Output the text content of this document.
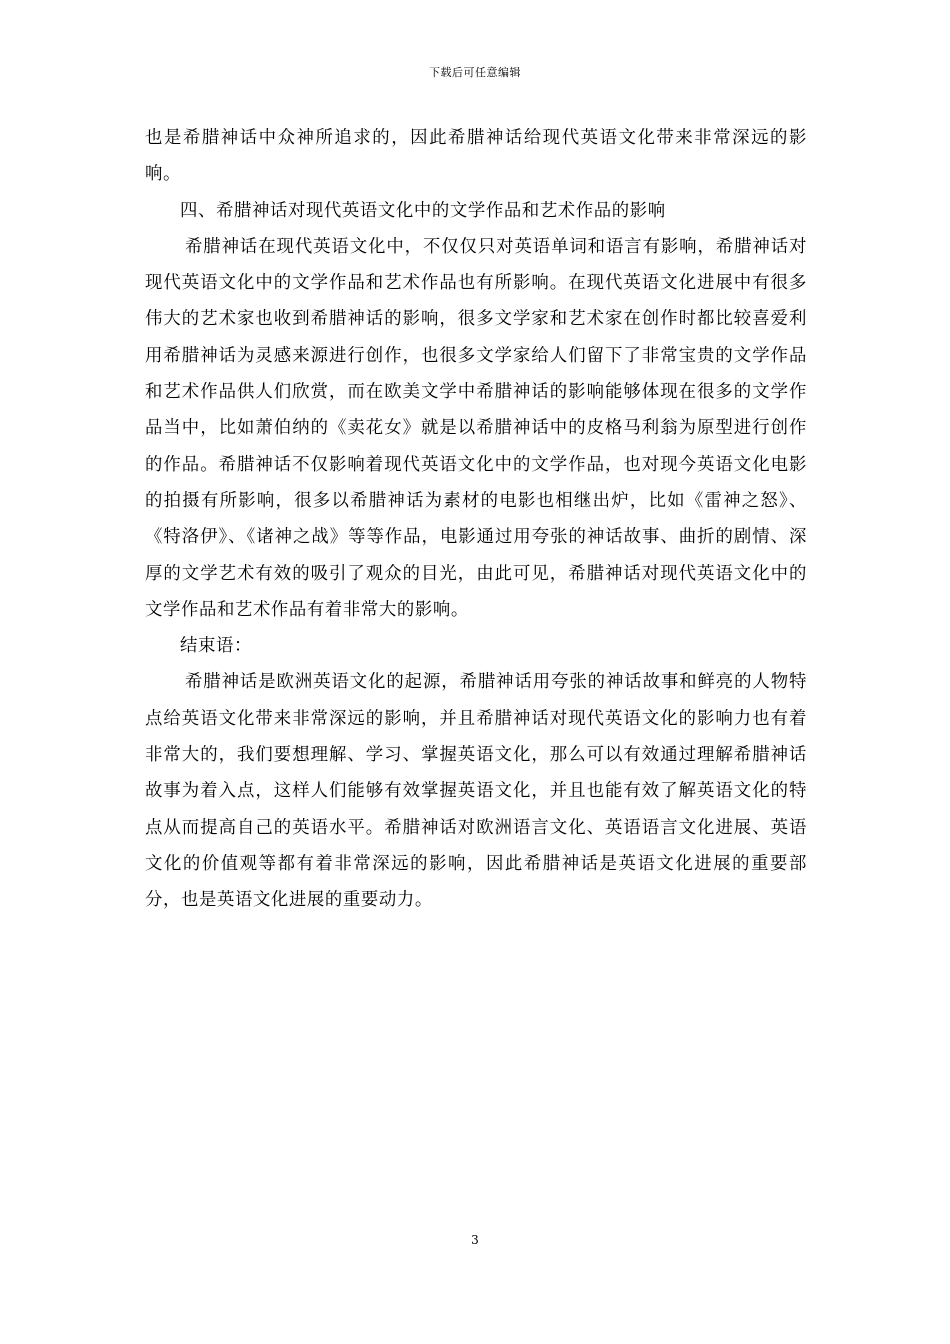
下载后可任意编辑

也是希腊神话中众神所追求的，因此希腊神话给现代英语文化带来非常深远的影响。

四、希腊神话对现代英语文化中的文学作品和艺术作品的影响

希腊神话在现代英语文化中，不仅仅只对英语单词和语言有影响，希腊神话对现代英语文化中的文学作品和艺术作品也有所影响。在现代英语文化进展中有很多伟大的艺术家也收到希腊神话的影响，很多文学家和艺术家在创作时都比较喜爱利用希腊神话为灵感来源进行创作，也很多文学家给人们留下了非常宝贵的文学作品和艺术作品供人们欣赏，而在欧美文学中希腊神话的影响能够体现在很多的文学作品当中，比如萧伯纳的《卖花女》就是以希腊神话中的皮格马利翁为原型进行创作的作品。希腊神话不仅影响着现代英语文化中的文学作品，也对现今英语文化电影的拍摄有所影响，很多以希腊神话为素材的电影也相继出炉，比如《雷神之怒》、《特洛伊》、《诸神之战》等等作品，电影通过用夸张的神话故事、曲折的剧情、深厚的文学艺术有效的吸引了观众的目光，由此可见，希腊神话对现代英语文化中的文学作品和艺术作品有着非常大的影响。

结束语：

希腊神话是欧洲英语文化的起源，希腊神话用夸张的神话故事和鲜亮的人物特点给英语文化带来非常深远的影响，并且希腊神话对现代英语文化的影响力也有着非常大的，我们要想理解、学习、掌握英语文化，那么可以有效通过理解希腊神话故事为着入点，这样人们能够有效掌握英语文化，并且也能有效了解英语文化的特点从而提高自己的英语水平。希腊神话对欧洲语言文化、英语语言文化进展、英语文化的价值观等都有着非常深远的影响，因此希腊神话是英语文化进展的重要部分，也是英语文化进展的重要动力。

3
